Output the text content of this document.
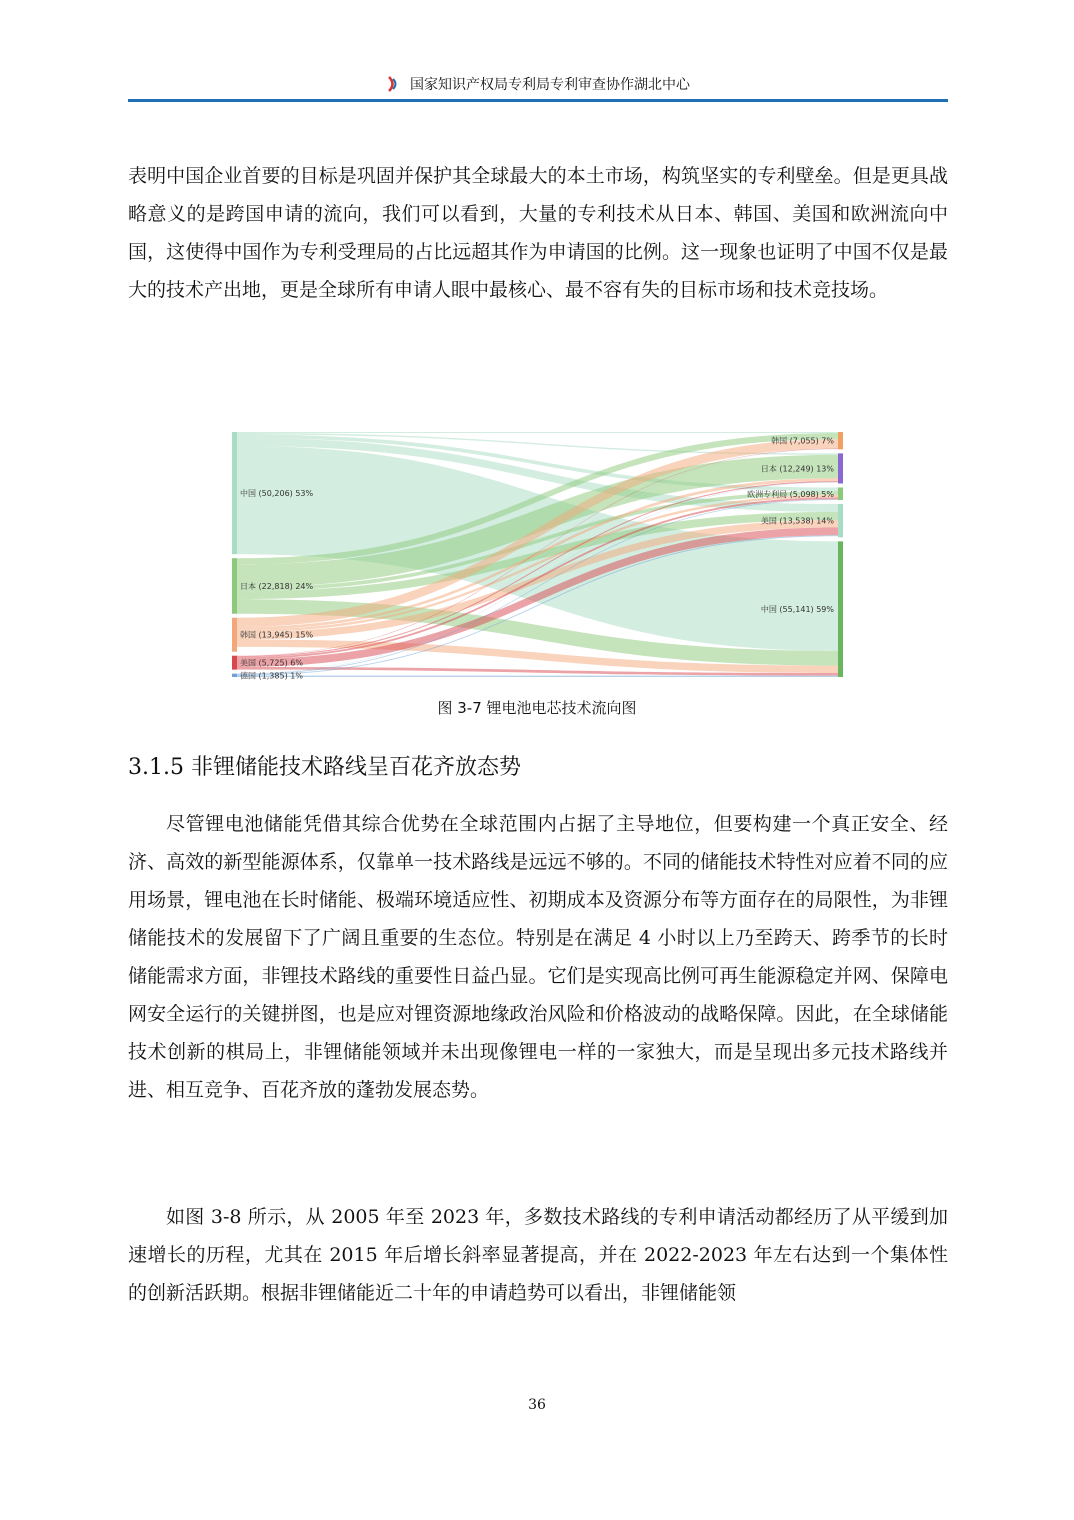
国家知识产权局专利局专利审查协作湖北中心
表明中国企业首要的目标是巩固并保护其全球最大的本土市场，构筑坚实的专利壁垒。但是更具战略意义的是跨国申请的流向，我们可以看到，大量的专利技术从日本、韩国、美国和欧洲流向中国，这使得中国作为专利受理局的占比远超其作为申请国的比例。这一现象也证明了中国不仅是最大的技术产出地，更是全球所有申请人眼中最核心、最不容有失的目标市场和技术竞技场。
中国 (50,206) 53%
日本 (22,818) 24%
韩国 (13,945) 15%
美国 (5,725) 6%
德国 (1,385) 1%
韩国 (7,055) 7%
日本 (12,249) 13%
欧洲专利局 (5,098) 5%
美国 (13,538) 14%
中国 (55,141) 59%
图 3-7 锂电池电芯技术流向图
3.1.5 非锂储能技术路线呈百花齐放态势
尽管锂电池储能凭借其综合优势在全球范围内占据了主导地位，但要构建一个真正安全、经济、高效的新型能源体系，仅靠单一技术路线是远远不够的。不同的储能技术特性对应着不同的应用场景，锂电池在长时储能、极端环境适应性、初期成本及资源分布等方面存在的局限性，为非锂储能技术的发展留下了广阔且重要的生态位。特别是在满足 4 小时以上乃至跨天、跨季节的长时储能需求方面，非锂技术路线的重要性日益凸显。它们是实现高比例可再生能源稳定并网、保障电网安全运行的关键拼图，也是应对锂资源地缘政治风险和价格波动的战略保障。因此，在全球储能技术创新的棋局上，非锂储能领域并未出现像锂电一样的一家独大，而是呈现出多元技术路线并进、相互竞争、百花齐放的蓬勃发展态势。
如图 3-8 所示，从 2005 年至 2023 年，多数技术路线的专利申请活动都经历了从平缓到加速增长的历程，尤其在 2015 年后增长斜率显著提高，并在 2022-2023 年左右达到一个集体性的创新活跃期。根据非锂储能近二十年的申请趋势可以看出，非锂储能领
36
